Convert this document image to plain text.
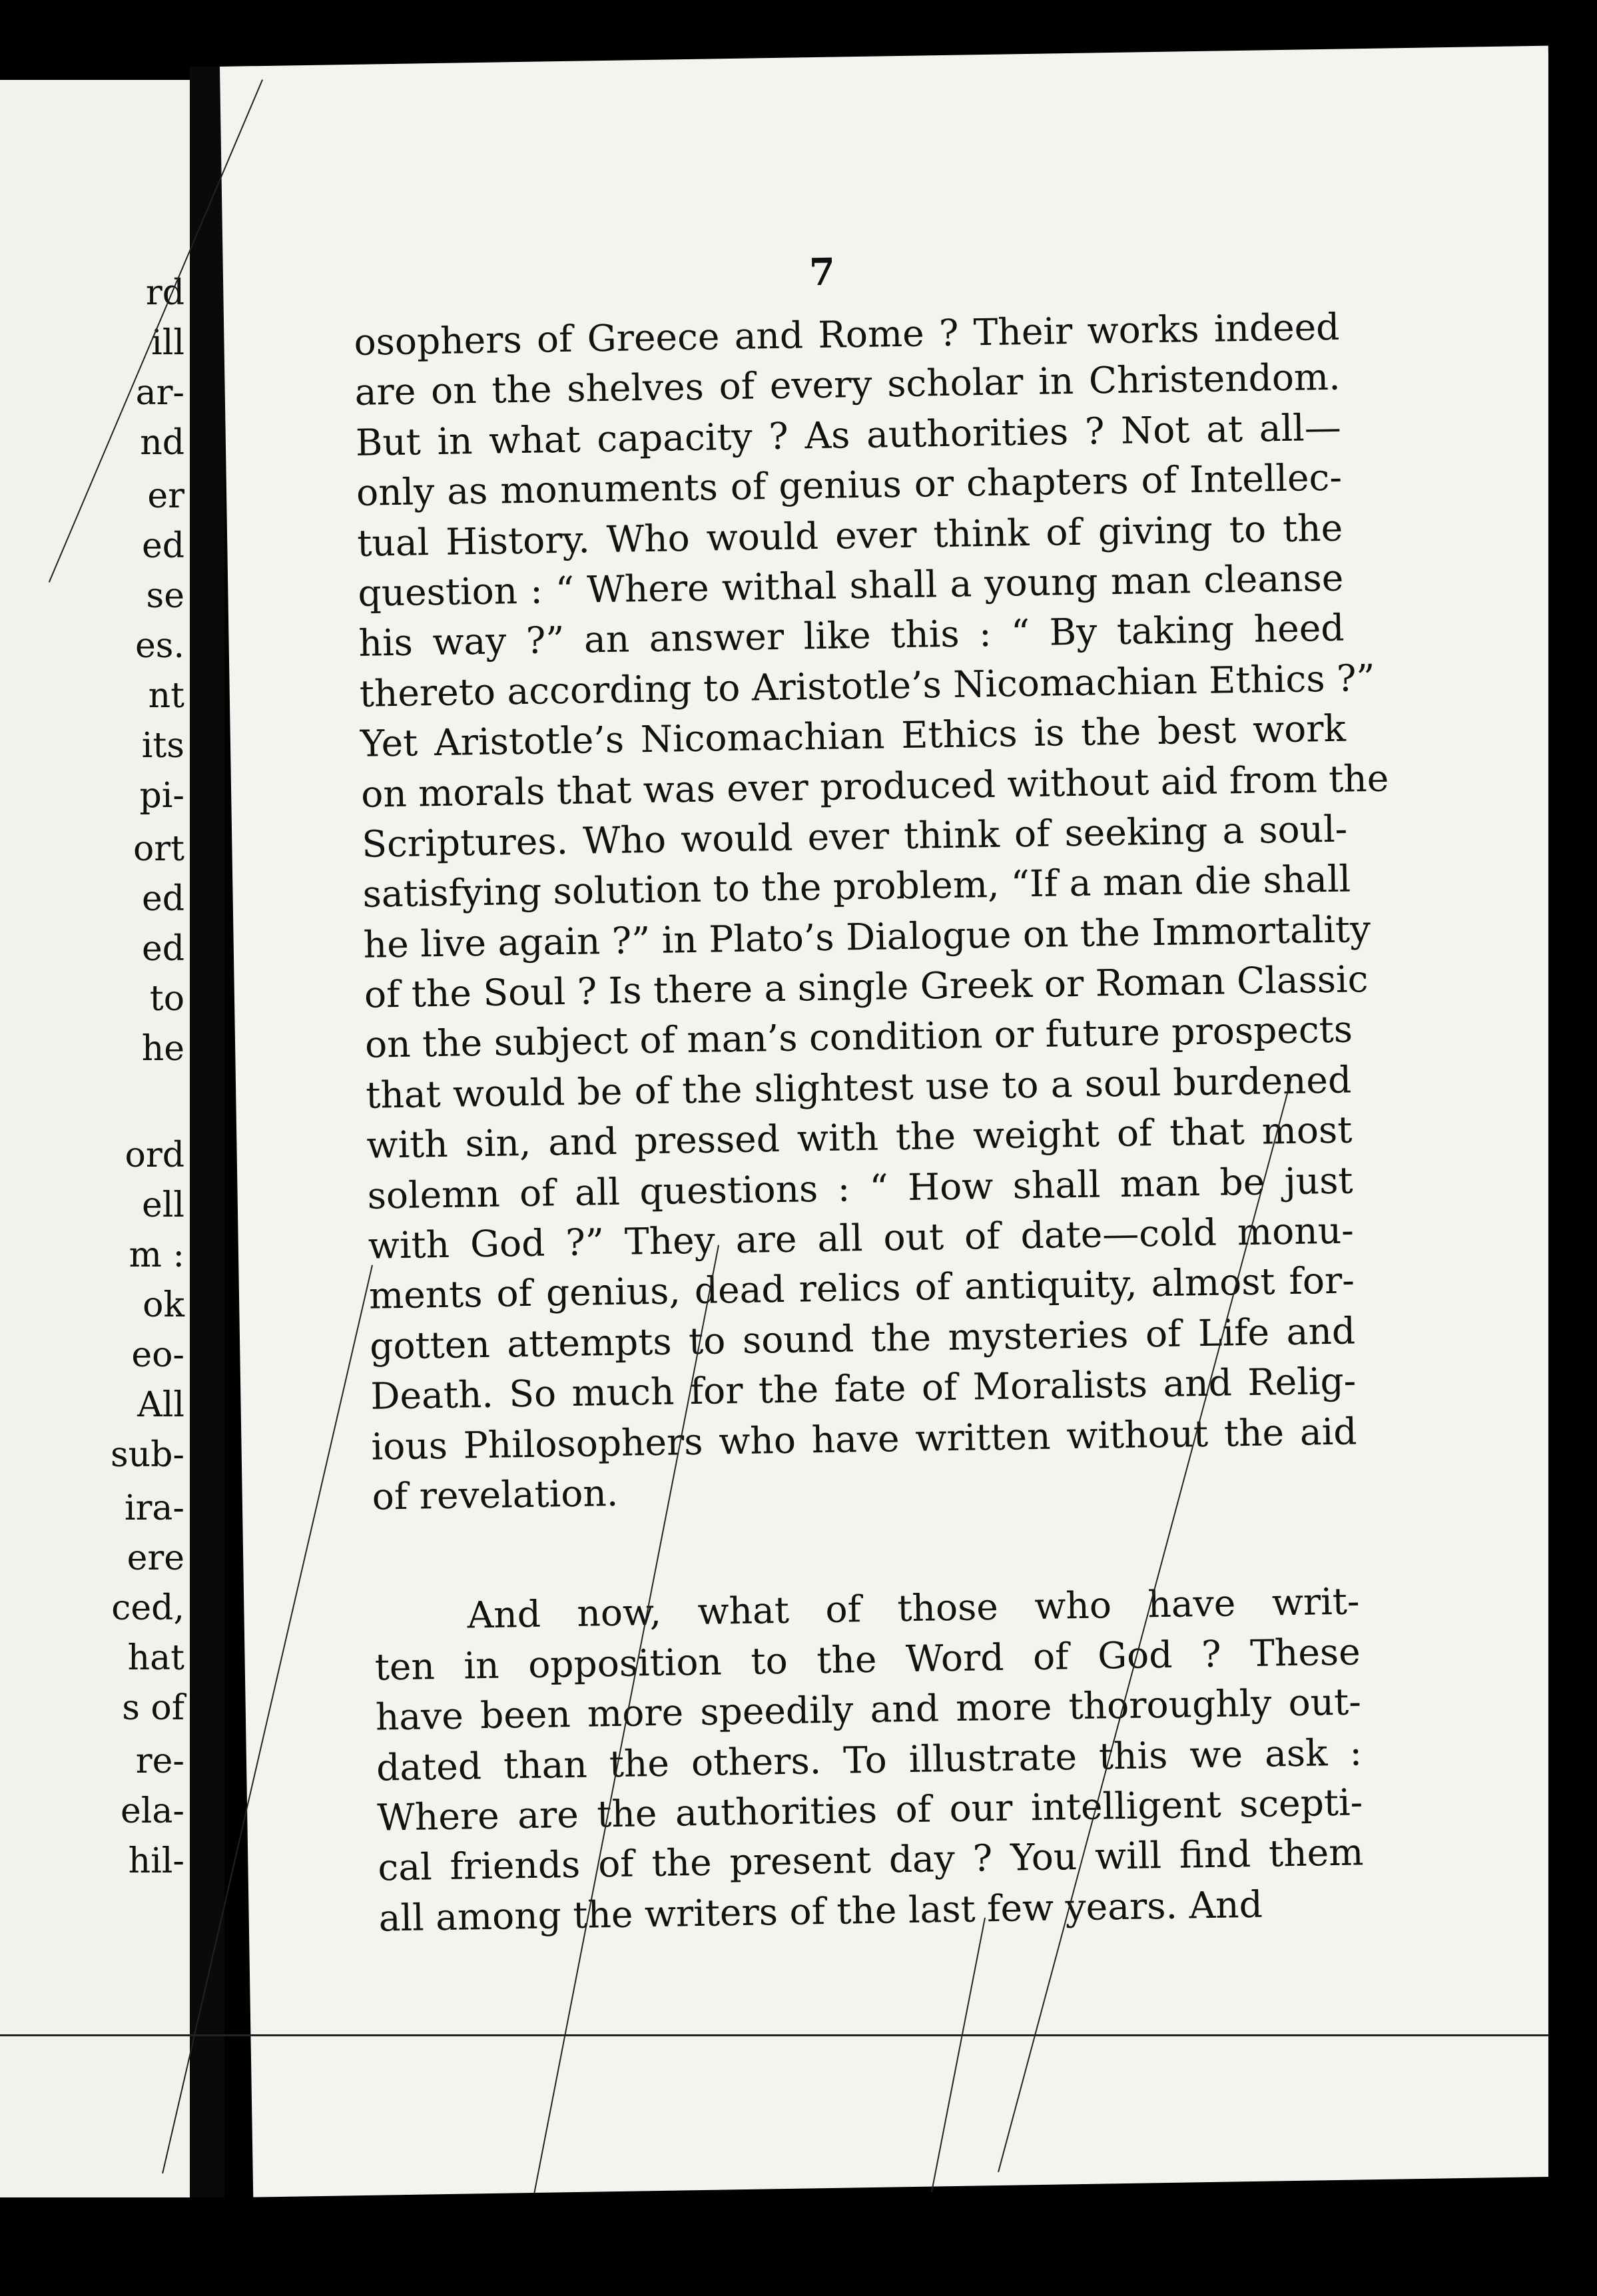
rd
ill
ar-
nd
er
ed
se
es.
nt
its
pi-
ort
ed
ed
to
he
ord
ell
m :
ok
eo-
All
sub-
ira-
ere
ced,
hat
s of
re-
ela-
hil-
7
osophers of Greece and Rome ? Their works indeed
are on the shelves of every scholar in Christendom.
But in what capacity ? As authorities ? Not at all—
only as monuments of genius or chapters of Intellec-
tual History. Who would ever think of giving to the
question : “ Where withal shall a young man cleanse
his way ?” an answer like this : “ By taking heed
thereto according to Aristotle’s Nicomachian Ethics ?”
Yet Aristotle’s Nicomachian Ethics is the best work
on morals that was ever produced without aid from the
Scriptures. Who would ever think of seeking a soul-
satisfying solution to the problem, “If a man die shall
he live again ?” in Plato’s Dialogue on the Immortality
of the Soul ? Is there a single Greek or Roman Classic
on the subject of man’s condition or future prospects
that would be of the slightest use to a soul burdened
with sin, and pressed with the weight of that most
solemn of all questions : “ How shall man be just
with God ?” They are all out of date—cold monu-
ments of genius, dead relics of antiquity, almost for-
gotten attempts to sound the mysteries of Life and
Death. So much for the fate of Moralists and Relig-
ious Philosophers who have written without the aid
of revelation.
And now, what of those who have writ-
ten in opposition to the Word of God ? These
have been more speedily and more thoroughly out-
dated than the others. To illustrate this we ask :
Where are the authorities of our intelligent scepti-
cal friends of the present day ? You will find them
all among the writers of the last few years. And
